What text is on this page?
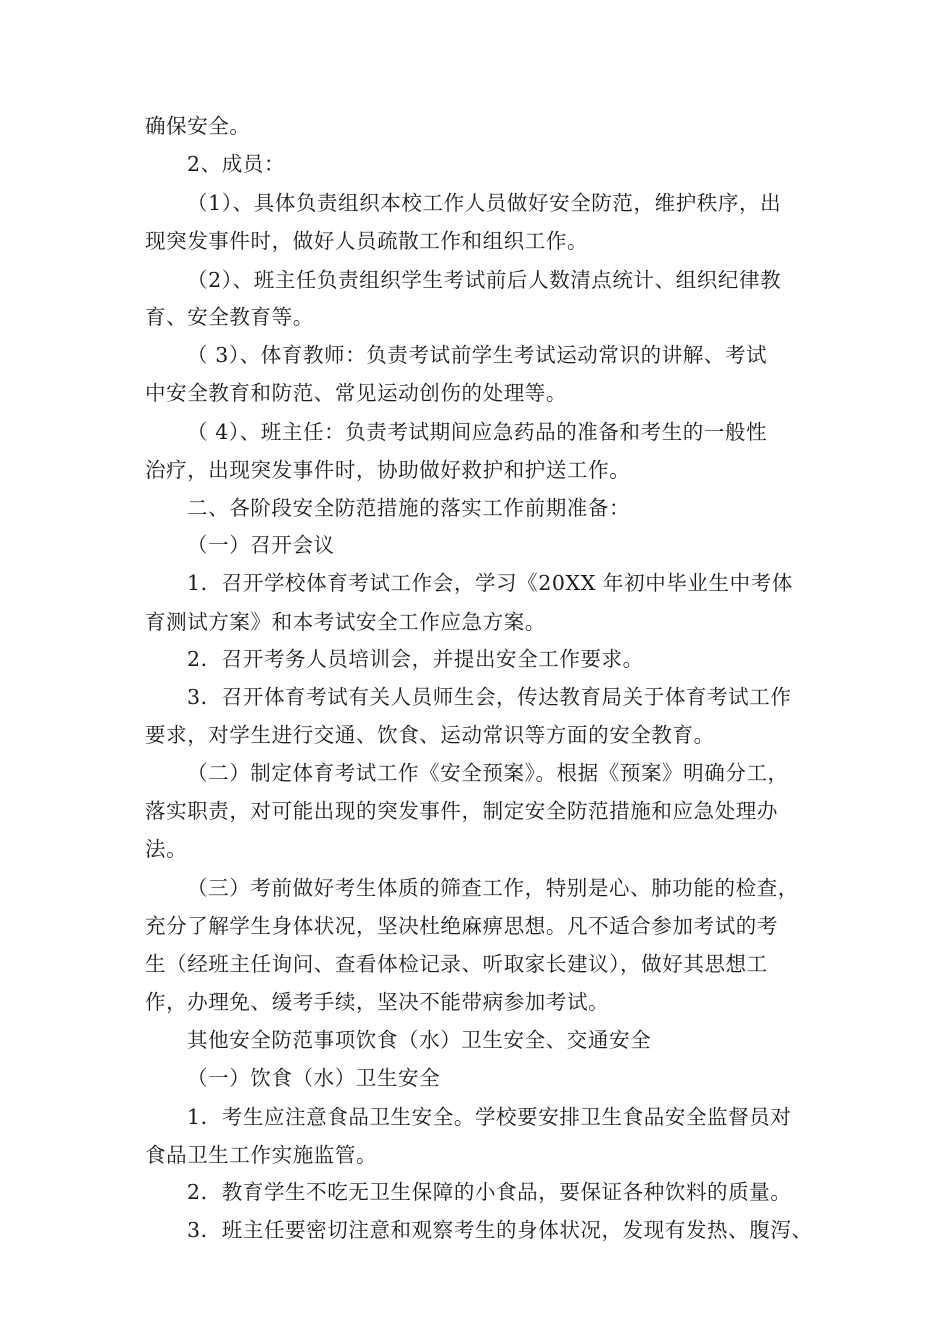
确保安全。
2、成员：
（1）、具体负责组织本校工作人员做好安全防范，维护秩序，出
现突发事件时，做好人员疏散工作和组织工作。
（2）、班主任负责组织学生考试前后人数清点统计、组织纪律教
育、安全教育等。
（ 3）、体育教师：负责考试前学生考试运动常识的讲解、考试
中安全教育和防范、常见运动创伤的处理等。
（ 4）、班主任：负责考试期间应急药品的准备和考生的一般性
治疗，出现突发事件时，协助做好救护和护送工作。
二、各阶段安全防范措施的落实工作前期准备：
（一）召开会议
1．召开学校体育考试工作会，学习《20XX 年初中毕业生中考体
育测试方案》和本考试安全工作应急方案。
2．召开考务人员培训会，并提出安全工作要求。
3．召开体育考试有关人员师生会，传达教育局关于体育考试工作
要求，对学生进行交通、饮食、运动常识等方面的安全教育。
（二）制定体育考试工作《安全预案》。根据《预案》明确分工，
落实职责，对可能出现的突发事件，制定安全防范措施和应急处理办
法。
（三）考前做好考生体质的筛查工作，特别是心、肺功能的检查，
充分了解学生身体状况，坚决杜绝麻痹思想。凡不适合参加考试的考
生（经班主任询问、查看体检记录、听取家长建议），做好其思想工
作，办理免、缓考手续，坚决不能带病参加考试。
其他安全防范事项饮食（水）卫生安全、交通安全
（一）饮食（水）卫生安全
1．考生应注意食品卫生安全。学校要安排卫生食品安全监督员对
食品卫生工作实施监管。
2．教育学生不吃无卫生保障的小食品，要保证各种饮料的质量。
3．班主任要密切注意和观察考生的身体状况，发现有发热、腹泻、
